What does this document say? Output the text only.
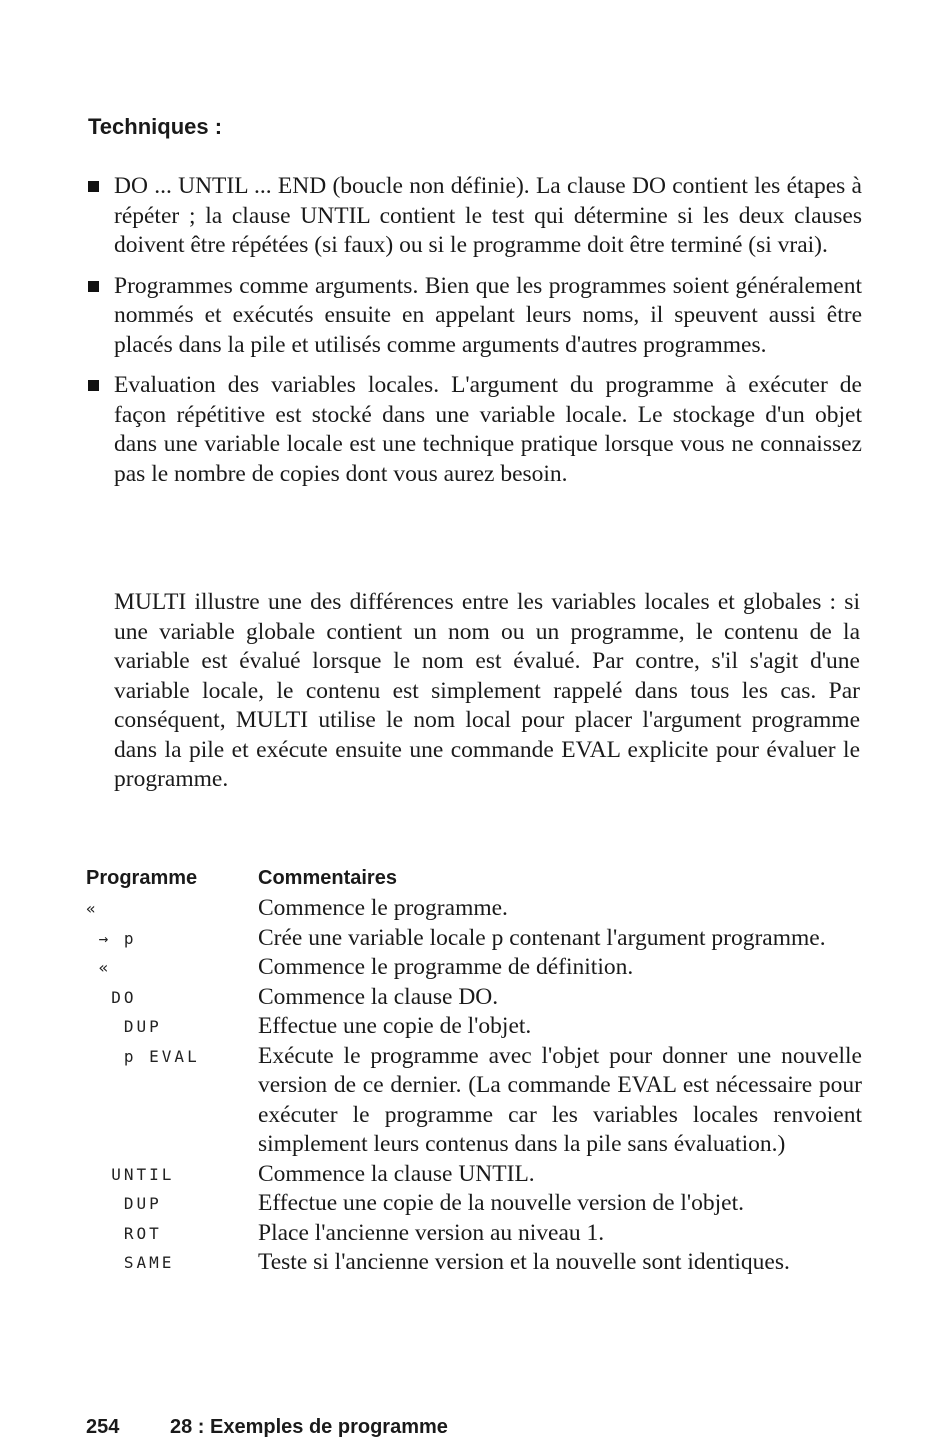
Techniques :

DO ... UNTIL ... END (boucle non définie). La clause DO contient les étapes à répéter ; la clause UNTIL contient le test qui détermine si les deux clauses doivent être répétées (si faux) ou si le programme doit être terminé (si vrai).

Programmes comme arguments. Bien que les programmes soient généralement nommés et exécutés ensuite en appelant leurs noms, il speuvent aussi être placés dans la pile et utilisés comme arguments d'autres programmes.

Evaluation des variables locales. L'argument du programme à exécuter de façon répétitive est stocké dans une variable locale. Le stockage d'un objet dans une variable locale est une technique pratique lorsque vous ne connaissez pas le nombre de copies dont vous aurez besoin.

MULTI illustre une des différences entre les variables locales et globales : si une variable globale contient un nom ou un programme, le contenu de la variable est évalué lorsque le nom est évalué. Par contre, s'il s'agit d'une variable locale, le contenu est simplement rappelé dans tous les cas. Par conséquent, MULTI utilise le nom local pour placer l'argument programme dans la pile et exécute ensuite une commande EVAL explicite pour évaluer le programme.

Programme	Commentaires
«	Commence le programme.
→ p	Crée une variable locale p contenant l'argument programme.
«	Commence le programme de définition.
DO	Commence la clause DO.
DUP	Effectue une copie de l'objet.
p EVAL	Exécute le programme avec l'objet pour donner une nouvelle version de ce dernier. (La commande EVAL est nécessaire pour exécuter le programme car les variables locales renvoient simplement leurs contenus dans la pile sans évaluation.)
UNTIL	Commence la clause UNTIL.
DUP	Effectue une copie de la nouvelle version de l'objet.
ROT	Place l'ancienne version au niveau 1.
SAME	Teste si l'ancienne version et la nouvelle sont identiques.
254	28 : Exemples de programme
